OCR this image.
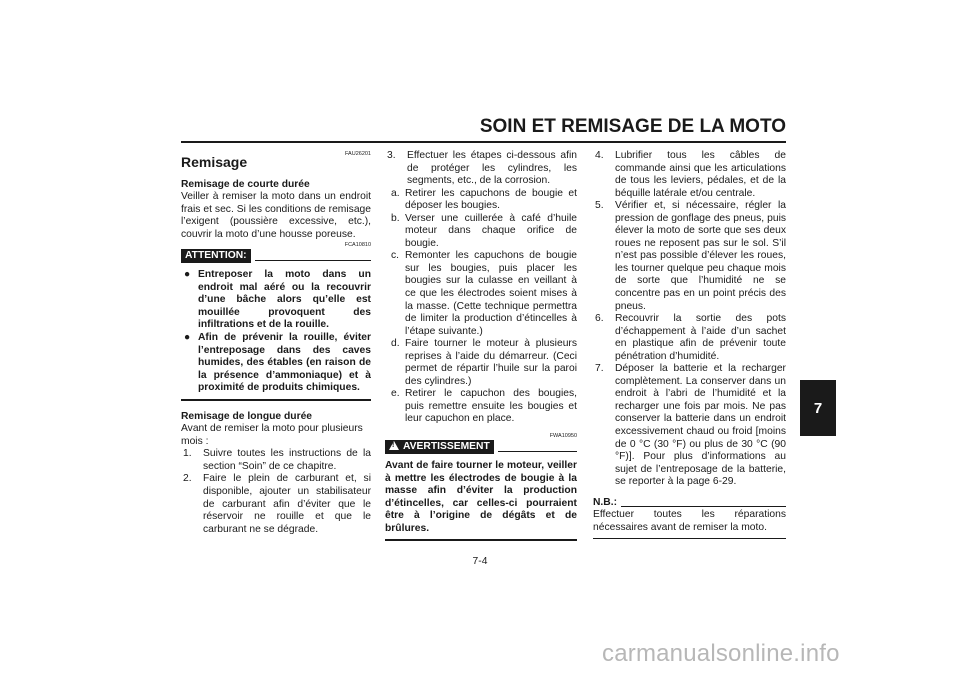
SOIN ET REMISAGE DE LA MOTO
FAU26201
Remisage
Remisage de courte durée
Veiller à remiser la moto dans un endroit frais et sec. Si les conditions de remisage l’exigent (poussière excessive, etc.), couvrir la moto d’une housse poreuse.
FCA10810
ATTENTION:
● Entreposer la moto dans un endroit mal aéré ou la recouvrir d’une bâche alors qu’elle est mouillée provoquent des infiltrations et de la rouille.
● Afin de prévenir la rouille, éviter l’entreposage dans des caves humides, des étables (en raison de la présence d’ammoniaque) et à proximité de produits chimiques.
Remisage de longue durée
Avant de remiser la moto pour plusieurs mois :
1.	Suivre toutes les instructions de la section “Soin” de ce chapitre.
2.	Faire le plein de carburant et, si disponible, ajouter un stabilisateur de carburant afin d’éviter que le réservoir ne rouille et que le carburant ne se dégrade.
3.	Effectuer les étapes ci-dessous afin de protéger les cylindres, les segments, etc., de la corrosion.
a. Retirer les capuchons de bougie et déposer les bougies.
b. Verser une cuillerée à café d’huile moteur dans chaque orifice de bougie.
c. Remonter les capuchons de bougie sur les bougies, puis placer les bougies sur la culasse en veillant à ce que les électrodes soient mises à la masse. (Cette technique permettra de limiter la production d’étincelles à l’étape suivante.)
d. Faire tourner le moteur à plusieurs reprises à l’aide du démarreur. (Ceci permet de répartir l’huile sur la paroi des cylindres.)
e. Retirer le capuchon des bougies, puis remettre ensuite les bougies et leur capuchon en place.
FWA10950
!AVERTISSEMENT
Avant de faire tourner le moteur, veiller à mettre les électrodes de bougie à la masse afin d’éviter la production d’étincelles, car celles-ci pourraient être à l’origine de dégâts et de brûlures.
4.	Lubrifier tous les câbles de commande ainsi que les articulations de tous les leviers, pédales, et de la béquille latérale et/ou centrale.
5.	Vérifier et, si nécessaire, régler la pression de gonflage des pneus, puis élever la moto de sorte que ses deux roues ne reposent pas sur le sol. S’il n’est pas possible d’élever les roues, les tourner quelque peu chaque mois de sorte que l’humidité ne se concentre pas en un point précis des pneus.
6.	Recouvrir la sortie des pots d’échappement à l’aide d’un sachet en plastique afin de prévenir toute pénétration d’humidité.
7.	Déposer la batterie et la recharger complètement. La conserver dans un endroit à l’abri de l’humidité et la recharger une fois par mois. Ne pas conserver la batterie dans un endroit excessivement chaud ou froid [moins de 0 °C (30 °F) ou plus de 30 °C (90 °F)]. Pour plus d’informations au sujet de l’entreposage de la batterie, se reporter à la page 6-29.
N.B.:
Effectuer toutes les réparations nécessaires avant de remiser la moto.
7-4
7
carmanualsonline.info
